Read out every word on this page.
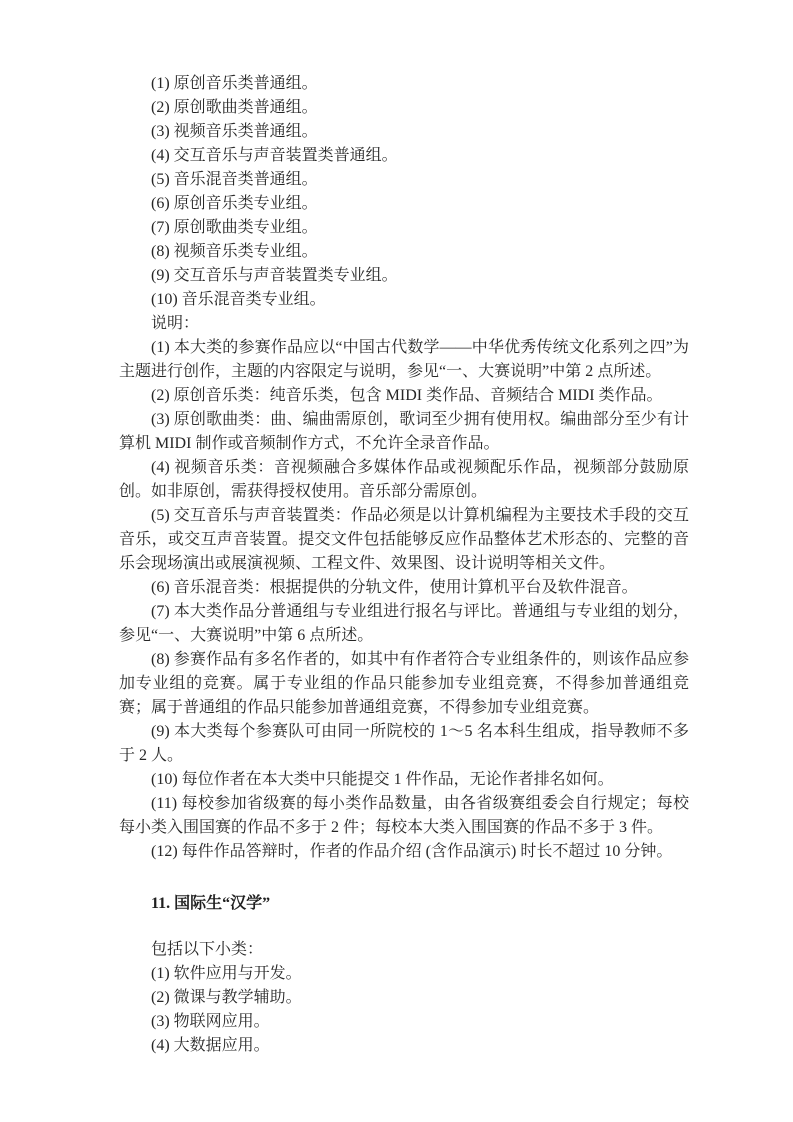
(1) 原创音乐类普通组。

(2) 原创歌曲类普通组。

(3) 视频音乐类普通组。

(4) 交互音乐与声音装置类普通组。

(5) 音乐混音类普通组。

(6) 原创音乐类专业组。

(7) 原创歌曲类专业组。

(8) 视频音乐类专业组。

(9) 交互音乐与声音装置类专业组。

(10) 音乐混音类专业组。

说明：

(1) 本大类的参赛作品应以“中国古代数学——中华优秀传统文化系列之四”为主题进行创作，主题的内容限定与说明，参见“一、大赛说明”中第 2 点所述。

(2) 原创音乐类：纯音乐类，包含 MIDI 类作品、音频结合 MIDI 类作品。

(3) 原创歌曲类：曲、编曲需原创，歌词至少拥有使用权。编曲部分至少有计算机 MIDI 制作或音频制作方式，不允许全录音作品。

(4) 视频音乐类：音视频融合多媒体作品或视频配乐作品，视频部分鼓励原创。如非原创，需获得授权使用。音乐部分需原创。

(5) 交互音乐与声音装置类：作品必须是以计算机编程为主要技术手段的交互音乐，或交互声音装置。提交文件包括能够反应作品整体艺术形态的、完整的音乐会现场演出或展演视频、工程文件、效果图、设计说明等相关文件。

(6) 音乐混音类：根据提供的分轨文件，使用计算机平台及软件混音。

(7) 本大类作品分普通组与专业组进行报名与评比。普通组与专业组的划分，参见“一、大赛说明”中第 6 点所述。

(8) 参赛作品有多名作者的，如其中有作者符合专业组条件的，则该作品应参加专业组的竞赛。属于专业组的作品只能参加专业组竞赛，不得参加普通组竞赛；属于普通组的作品只能参加普通组竞赛，不得参加专业组竞赛。

(9) 本大类每个参赛队可由同一所院校的 1～5 名本科生组成，指导教师不多于 2 人。

(10) 每位作者在本大类中只能提交 1 件作品，无论作者排名如何。

(11) 每校参加省级赛的每小类作品数量，由各省级赛组委会自行规定；每校每小类入围国赛的作品不多于 2 件；每校本大类入围国赛的作品不多于 3 件。

(12) 每件作品答辩时，作者的作品介绍 (含作品演示) 时长不超过 10 分钟。

11. 国际生“汉学”

包括以下小类：

(1) 软件应用与开发。

(2) 微课与教学辅助。

(3) 物联网应用。

(4) 大数据应用。
